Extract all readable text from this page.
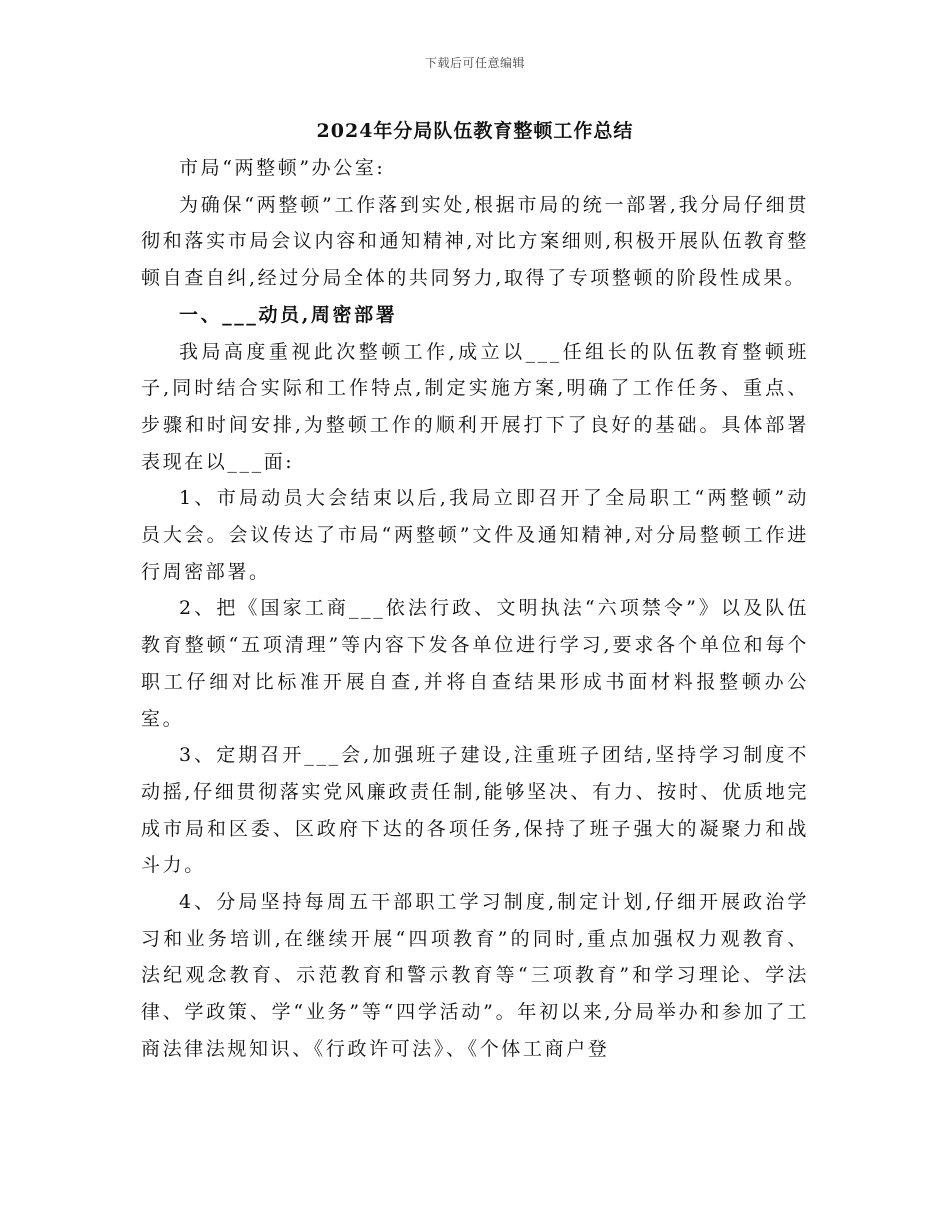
下载后可任意编辑
2024年分局队伍教育整顿工作总结

市局“两整顿”办公室:

为确保“两整顿”工作落到实处,根据市局的统一部署,我分局仔细贯彻和落实市局会议内容和通知精神,对比方案细则,积极开展队伍教育整顿自查自纠,经过分局全体的共同努力,取得了专项整顿的阶段性成果。

一、___动员,周密部署

我局高度重视此次整顿工作,成立以___任组长的队伍教育整顿班子,同时结合实际和工作特点,制定实施方案,明确了工作任务、重点、步骤和时间安排,为整顿工作的顺利开展打下了良好的基础。具体部署表现在以___面:

1、市局动员大会结束以后,我局立即召开了全局职工“两整顿”动员大会。会议传达了市局“两整顿”文件及通知精神,对分局整顿工作进行周密部署。

2、把《国家工商___依法行政、文明执法“六项禁令”》以及队伍教育整顿“五项清理”等内容下发各单位进行学习,要求各个单位和每个职工仔细对比标准开展自查,并将自查结果形成书面材料报整顿办公室。

3、定期召开___会,加强班子建设,注重班子团结,坚持学习制度不动摇,仔细贯彻落实党风廉政责任制,能够坚决、有力、按时、优质地完成市局和区委、区政府下达的各项任务,保持了班子强大的凝聚力和战斗力。

4、分局坚持每周五干部职工学习制度,制定计划,仔细开展政治学习和业务培训,在继续开展“四项教育”的同时,重点加强权力观教育、法纪观念教育、示范教育和警示教育等“三项教育”和学习理论、学法律、学政策、学“业务”等“四学活动”。年初以来,分局举办和参加了工商法律法规知识、《行政许可法》、《个体工商户登
